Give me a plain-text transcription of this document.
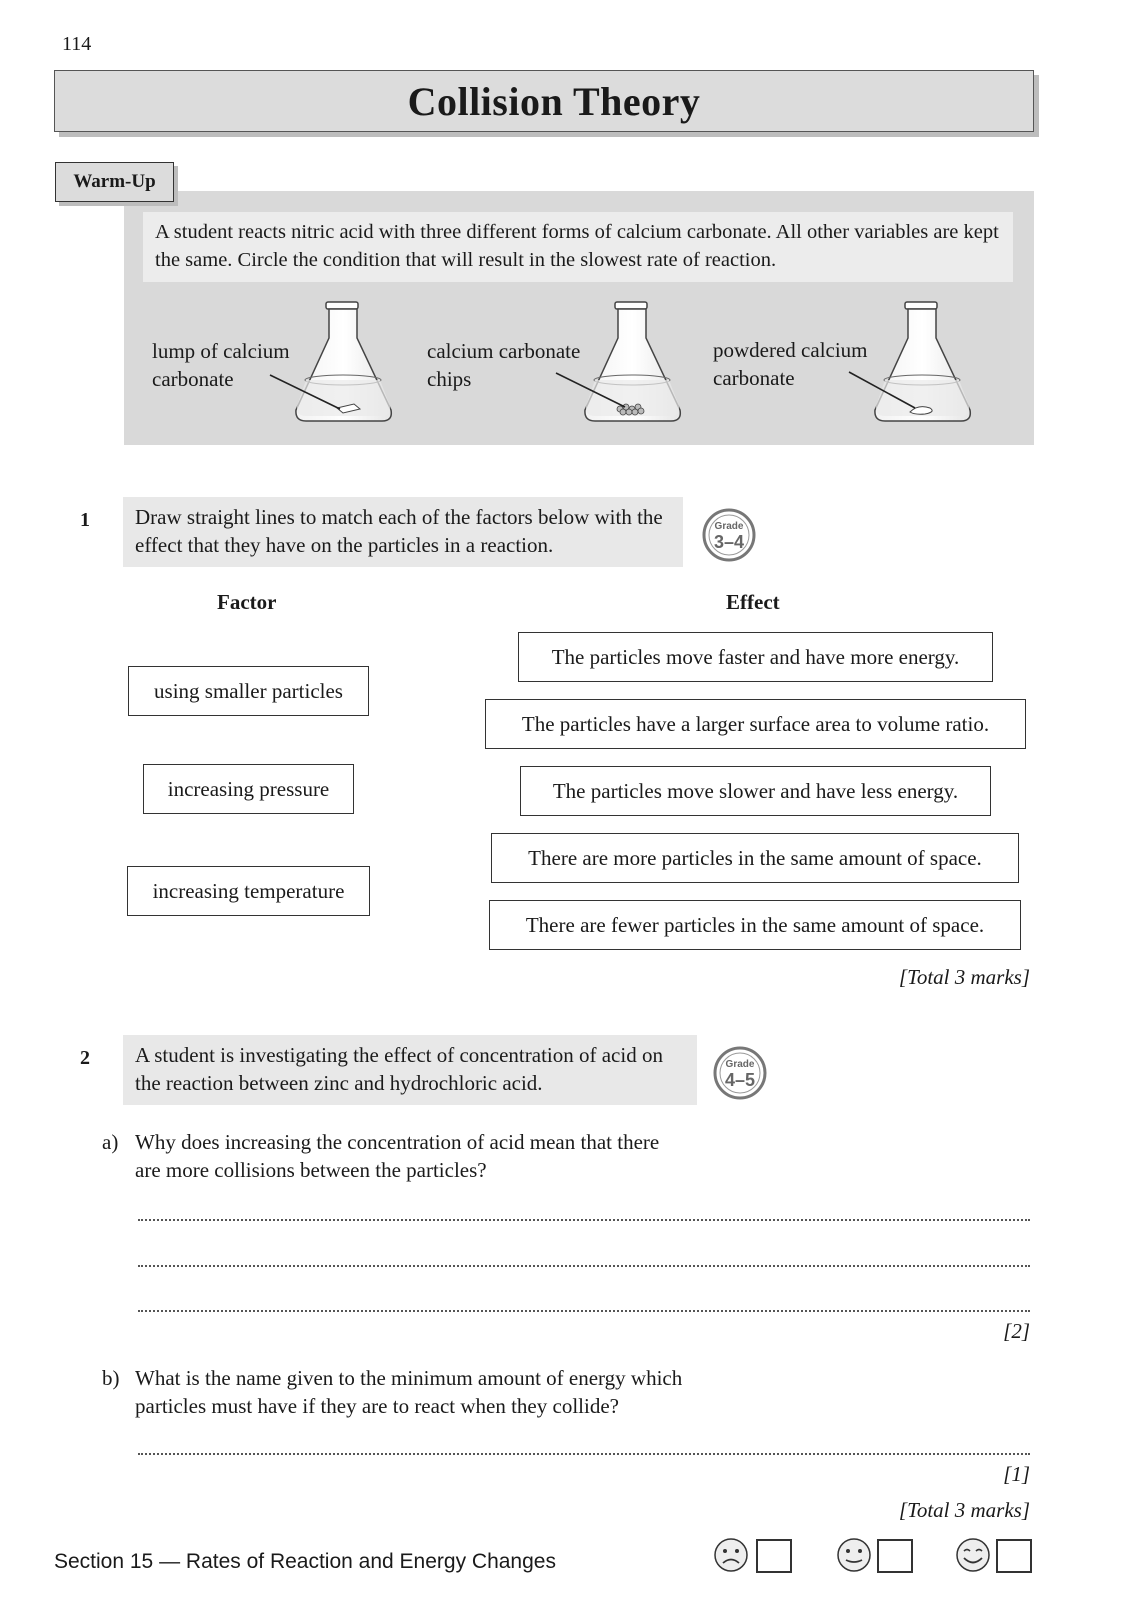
114
Collision Theory
Warm-Up
A student reacts nitric acid with three different forms of calcium carbonate. All other variables are kept the same. Circle the condition that will result in the slowest rate of reaction.
lump of calcium carbonate
calcium carbonate chips
powdered calcium carbonate
1	Draw straight lines to match each of the factors below with the effect that they have on the particles in a reaction.
Grade
3–4
Factor	Effect
using smaller particles
increasing pressure
increasing temperature
The particles move faster and have more energy.
The particles have a larger surface area to volume ratio.
The particles move slower and have less energy.
There are more particles in the same amount of space.
There are fewer particles in the same amount of space.
[Total 3 marks]
2	A student is investigating the effect of concentration of acid on the reaction between zinc and hydrochloric acid.
Grade
4–5
a) Why does increasing the concentration of acid mean that there are more collisions between the particles?
[2]
b) What is the name given to the minimum amount of energy which particles must have if they are to react when they collide?
[1]
[Total 3 marks]
Section 15 — Rates of Reaction and Energy Changes
